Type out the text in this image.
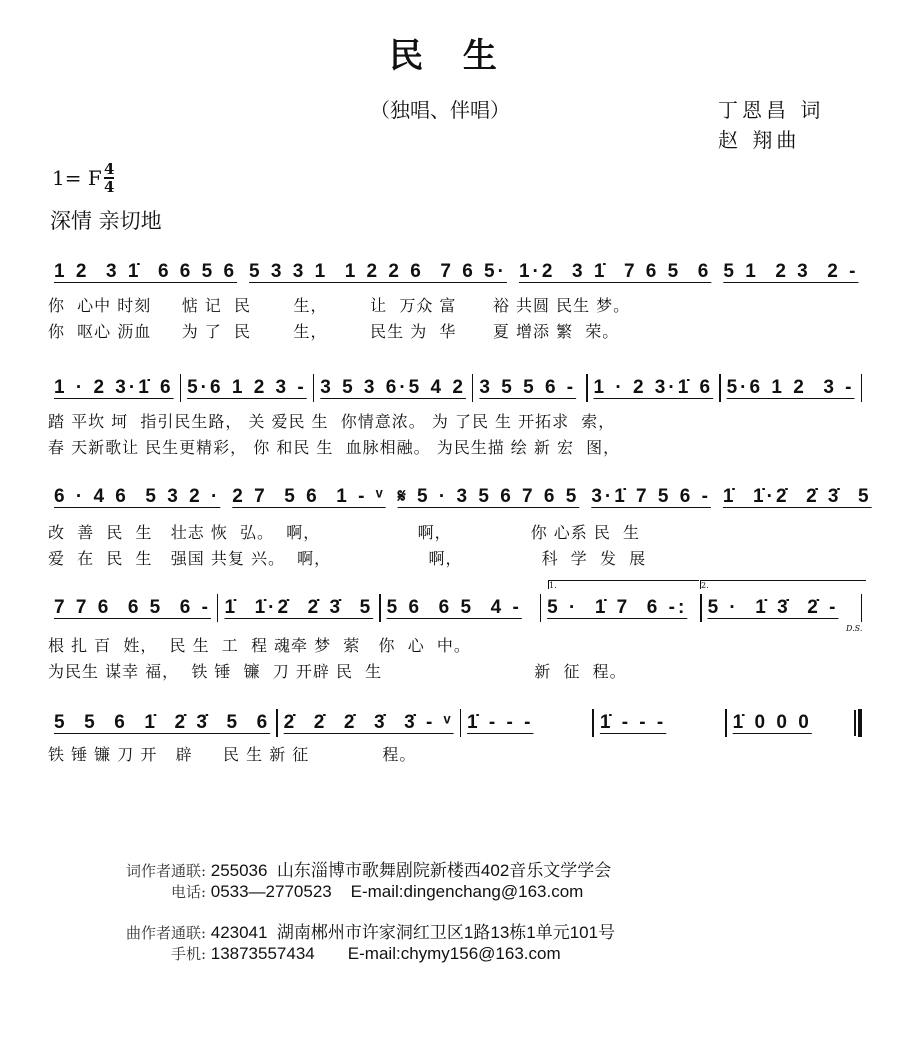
民 生
（独唱、伴唱）	丁恩昌 词
赵 翔曲
1= F 4
4
深情 亲切地
1 2  3 1̇  6 6 5 6 5 3 3 1  1 2 2 6  7 6 5· 1·2  3 1̇  7 6 5  6 5 1  2 3  2 -
你  心中 时刻     惦 记  民       生，       让  万众 富      裕 共圆 民生 梦。
你  呕心 沥血     为 了  民       生，       民生 为  华      夏 增添 繁  荣。
1 · 2 3·1̇ 6 5·6 1 2 3 - 3 5 3 6·5 4 2 3 5 5 6 - 1 · 2 3·1̇ 6 5·6 1 2  3 -
踏 平坎 坷  指引民生路， 关 爱民 生  你情意浓。 为 了民 生 开拓求  索，
春 天新歌让 民生更精彩， 你 和民 生  血脉相融。 为民生描 绘 新 宏  图，
6 · 4 6  5 3 2 · 2 7  5 6  1 - ᵛ 𝄋 5 · 3 5 6 7 6 5 3·1̇ 7 5 6 - 1̇  1̇·2̇  2̇ 3̇  5
改  善  民  生   壮志 恢  弘。  啊，                啊，             你 心系 民  生
爱  在  民  生   强国 共复 兴。  啊，                啊，             科  学  发  展
7 7 6  6 5  6 - 1̇  1̇·2̇  2̇ 3̇  5 5 6  6 5  4 -	5 ·  1̇ 7  6 -:	5 ·  1̇ 3̇  2̇ -
根 扎 百  姓，  民 生  工  程 魂牵 梦  萦   你  心  中。
为民生 谋幸 福，  铁 锤  镰  刀 开辟 民  生                         新  征  程。
5  5  6  1̇  2̇ 3̇  5  6 2̇  2̇  2̇  3̇  3̇ - ᵛ 1̇ - - -	1̇ - - -	1̇ 0 0 0
铁 锤 镰 刀 开   辟     民 生 新 征            程。
1.	2.
D.S.
词作者通联: 255036  山东淄博市歌舞剧院新楼西402音乐文学学会
电话: 0533—2770523    E-mail:dingenchang@163.com
曲作者通联: 423041  湖南郴州市许家洞红卫区1路13栋1单元101号
手机: 13873557434       E-mail:chymy156@163.com
